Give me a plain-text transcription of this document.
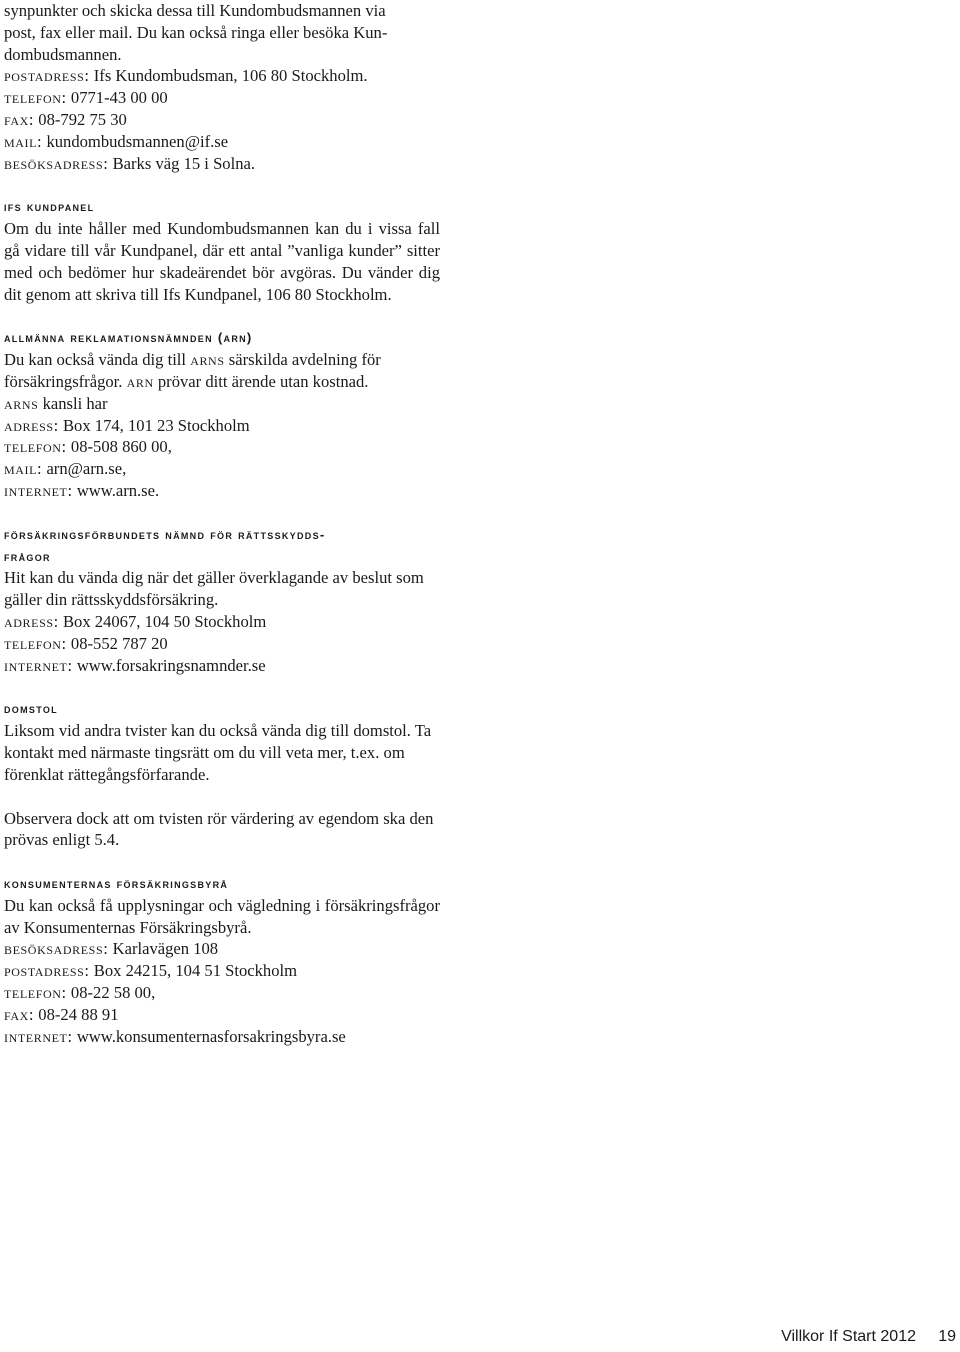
synpunkter och skicka dessa till Kundombudsmannen via

post, fax eller mail. Du kan också ringa eller besöka Kun-

dombudsmannen.

postadress: Ifs Kundombudsman, 106 80 Stockholm.

telefon: 0771-43 00 00

fax: 08-792 75 30

mail: kundombudsmannen@if.se

besöksadress: Barks väg 15 i Solna.

ifs kundpanel

Om du inte håller med Kundombudsmannen kan du i vissa fall gå vidare till vår Kundpanel, där ett antal ”vanliga kunder” sitter med och bedömer hur skadeärendet bör avgöras. Du vänder dig dit genom att skriva till Ifs Kundpanel, 106 80 Stockholm.

allmänna reklamationsnämnden (arn)

Du kan också vända dig till arns särskilda avdelning för

försäkringsfrågor. arn prövar ditt ärende utan kostnad.

arns kansli har

adress: Box 174, 101 23 Stockholm

telefon: 08-508 860 00,

mail: arn@arn.se,

internet: www.arn.se.

försäkringsförbundets nämnd för rättsskydds-
frågor

Hit kan du vända dig när det gäller överklagande av beslut som gäller din rättsskyddsförsäkring.

adress: Box 24067, 104 50 Stockholm

telefon: 08-552 787 20

internet: www.forsakringsnamnder.se

domstol

Liksom vid andra tvister kan du också vända dig till domstol. Ta kontakt med närmaste tingsrätt om du vill veta mer, t.ex. om förenklat rättegångsförfarande.

Observera dock att om tvisten rör värdering av egendom ska den prövas enligt 5.4.

konsumenternas försäkringsbyrå

Du kan också få upplysningar och vägledning i försäkringsfrågor av Konsumenternas Försäkringsbyrå.

besöksadress: Karlavägen 108

postadress: Box 24215, 104 51 Stockholm

telefon: 08-22 58 00,

fax: 08-24 88 91

internet: www.konsumenternasforsakringsbyra.se

Villkor If Start 2012 19
